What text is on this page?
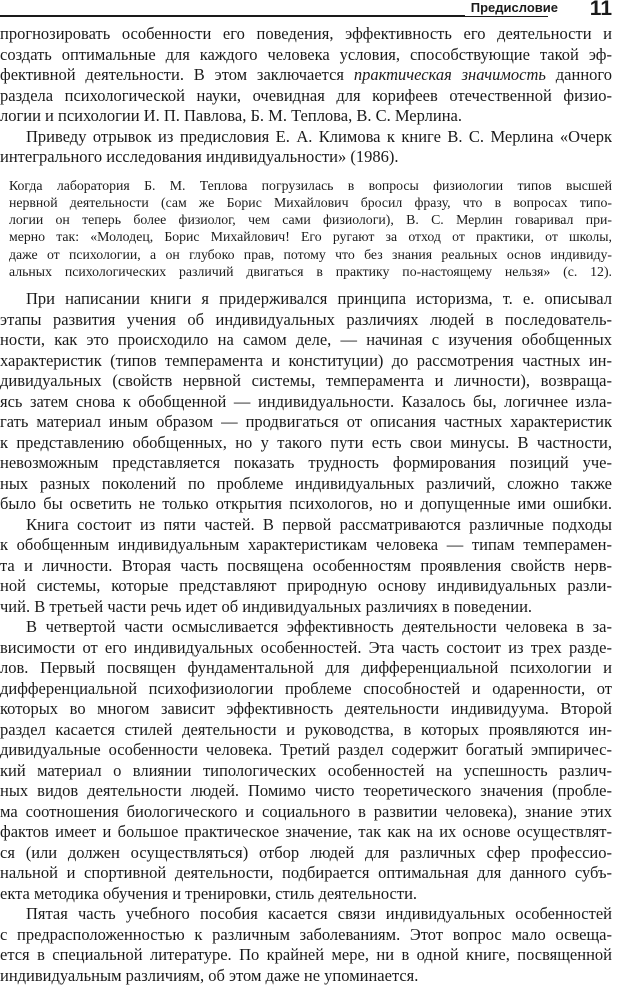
Предисловие 11
прогнозировать особенности его поведения, эффективность его деятельности и
создать оптимальные для каждого человека условия, способствующие такой эф-
фективной деятельности. В этом заключается практическая значимость данного
раздела психологической науки, очевидная для корифеев отечественной физио-
логии и психологии И. П. Павлова, Б. М. Теплова, В. С. Мерлина.
Приведу отрывок из предисловия Е. А. Климова к книге В. С. Мерлина «Очерк
интегрального исследования индивидуальности» (1986).
Когда лаборатория Б. М. Теплова погрузилась в вопросы физиологии типов высшей
нервной деятельности (сам же Борис Михайлович бросил фразу, что в вопросах типо-
логии он теперь более физиолог, чем сами физиологи), В. С. Мерлин говаривал при-
мерно так: «Молодец, Борис Михайлович! Его ругают за отход от практики, от школы,
даже от психологии, а он глубоко прав, потому что без знания реальных основ индивиду-
альных психологических различий двигаться в практику по-настоящему нельзя» (с. 12).
При написании книги я придерживался принципа историзма, т. е. описывал
этапы развития учения об индивидуальных различиях людей в последователь-
ности, как это происходило на самом деле, — начиная с изучения обобщенных
характеристик (типов темперамента и конституции) до рассмотрения частных ин-
дивидуальных (свойств нервной системы, темперамента и личности), возвраща-
ясь затем снова к обобщенной — индивидуальности. Казалось бы, логичнее изла-
гать материал иным образом — продвигаться от описания частных характеристик
к представлению обобщенных, но у такого пути есть свои минусы. В частности,
невозможным представляется показать трудность формирования позиций уче-
ных разных поколений по проблеме индивидуальных различий, сложно также
было бы осветить не только открытия психологов, но и допущенные ими ошибки.
Книга состоит из пяти частей. В первой рассматриваются различные подходы
к обобщенным индивидуальным характеристикам человека — типам темперамен-
та и личности. Вторая часть посвящена особенностям проявления свойств нерв-
ной системы, которые представляют природную основу индивидуальных разли-
чий. В третьей части речь идет об индивидуальных различиях в поведении.
В четвертой части осмысливается эффективность деятельности человека в за-
висимости от его индивидуальных особенностей. Эта часть состоит из трех разде-
лов. Первый посвящен фундаментальной для дифференциальной психологии и
дифференциальной психофизиологии проблеме способностей и одаренности, от
которых во многом зависит эффективность деятельности индивидуума. Второй
раздел касается стилей деятельности и руководства, в которых проявляются ин-
дивидуальные особенности человека. Третий раздел содержит богатый эмпиричес-
кий материал о влиянии типологических особенностей на успешность различ-
ных видов деятельности людей. Помимо чисто теоретического значения (пробле-
ма соотношения биологического и социального в развитии человека), знание этих
фактов имеет и большое практическое значение, так как на их основе осуществлят-
ся (или должен осуществляться) отбор людей для различных сфер профессио-
нальной и спортивной деятельности, подбирается оптимальная для данного субъ-
екта методика обучения и тренировки, стиль деятельности.
Пятая часть учебного пособия касается связи индивидуальных особенностей
с предрасположенностью к различным заболеваниям. Этот вопрос мало освеща-
ется в специальной литературе. По крайней мере, ни в одной книге, посвященной
индивидуальным различиям, об этом даже не упоминается.
